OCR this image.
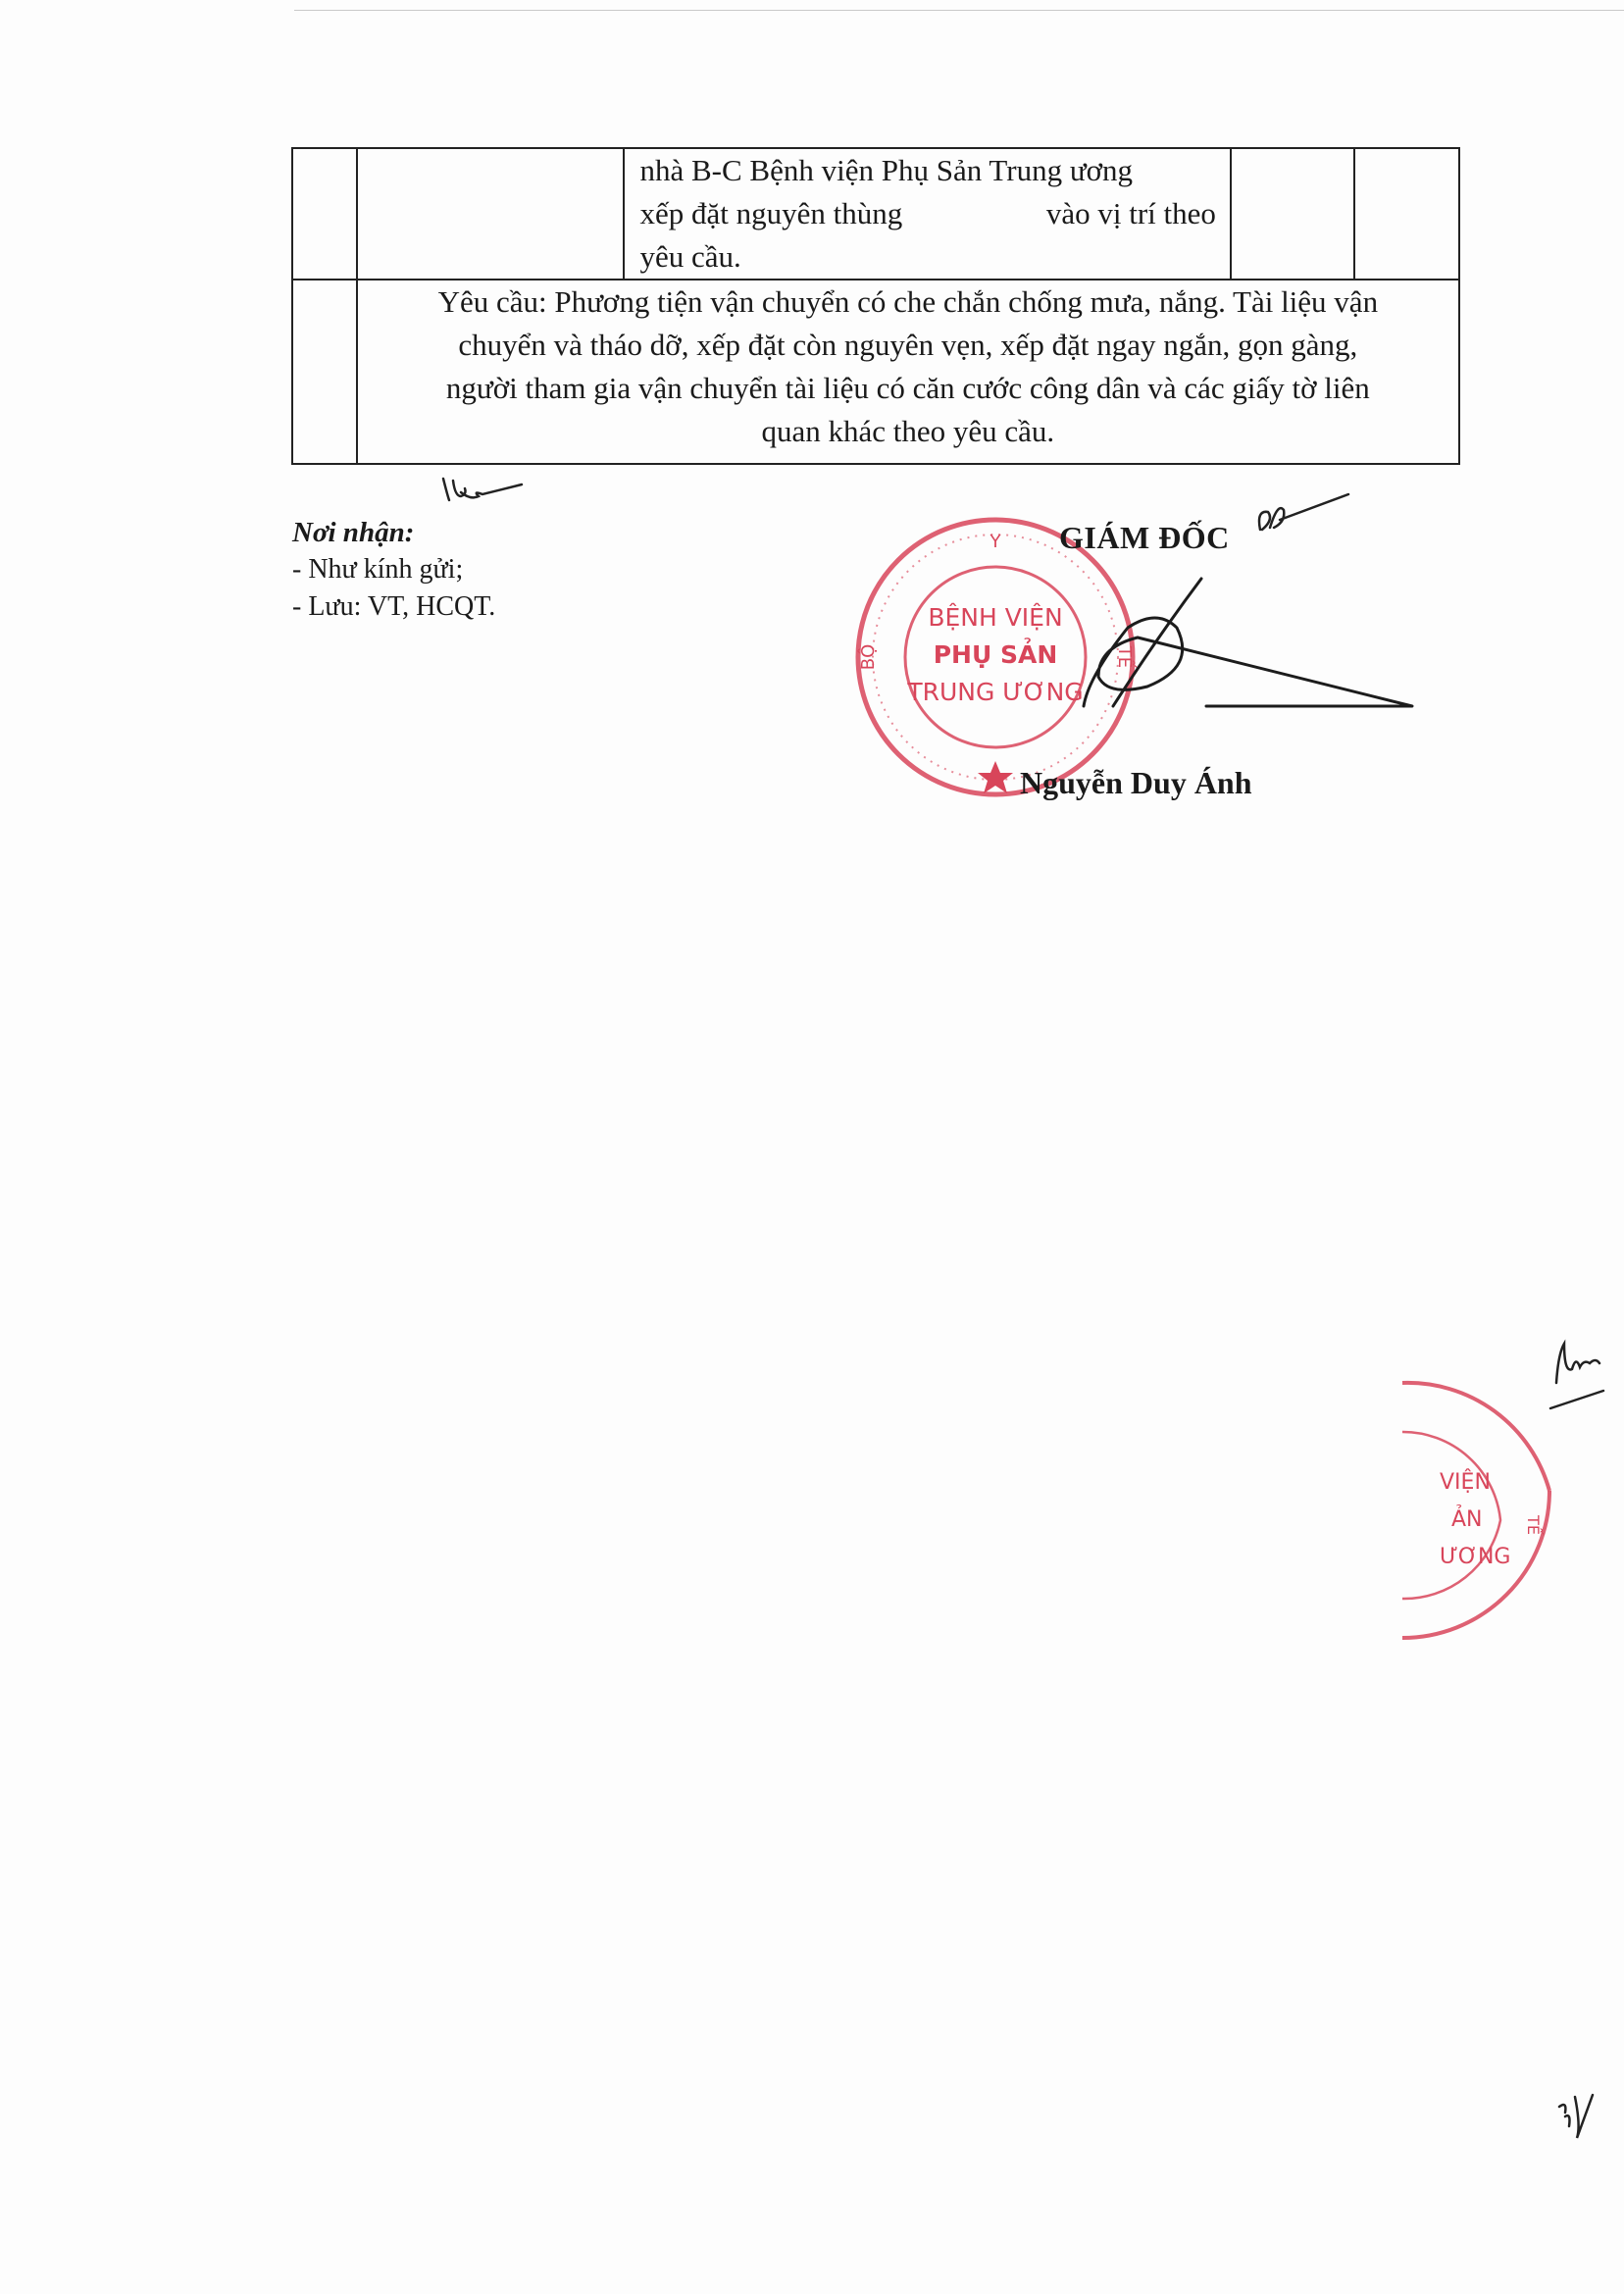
		nhà B-C Bệnh viện Phụ Sản Trung ương
xếp đặt nguyên thùng vào vị trí theo
yêu cầu.		

	Yêu cầu: Phương tiện vận chuyển có che chắn chống mưa, nắng. Tài liệu vận
chuyển và tháo dỡ, xếp đặt còn nguyên vẹn, xếp đặt ngay ngắn, gọn gàng,
người tham gia vận chuyển tài liệu có căn cước công dân và các giấy tờ liên
quan khác theo yêu cầu.			
Nơi nhận:
- Như kính gửi;
- Lưu: VT, HCQT.
Y
BỘ	TẾ
BỆNH VIỆN
PHỤ SẢN
TRUNG ƯƠNG
GIÁM ĐỐC
Nguyễn Duy Ánh
VIỆN
ẢN
ƯƠNG
TẾ
